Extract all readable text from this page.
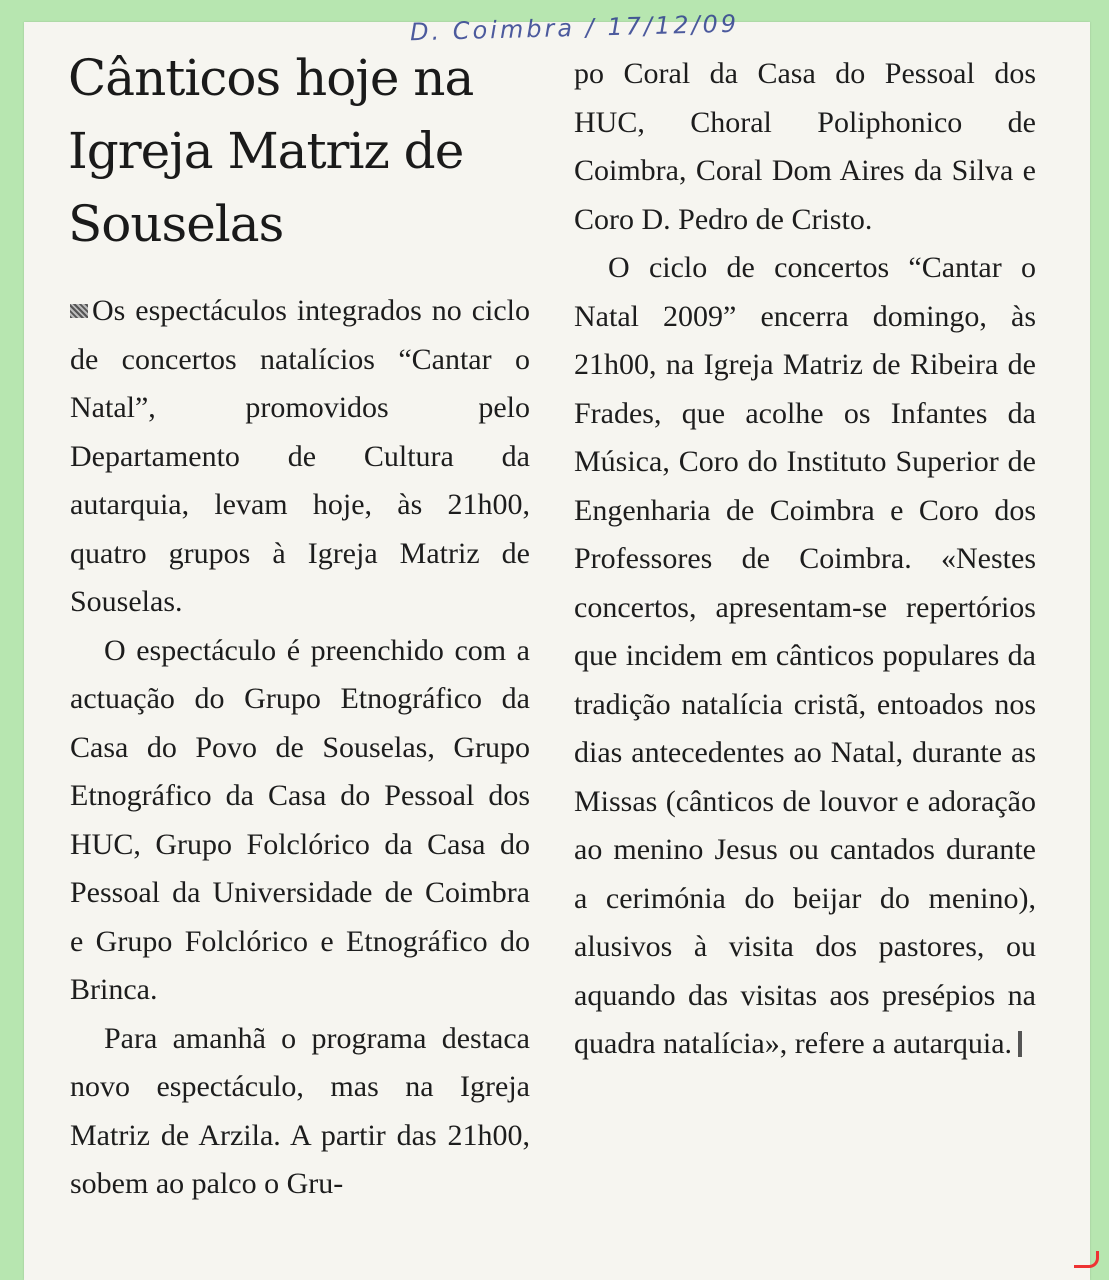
D. Coimbra / 17/12/09
Cânticos hoje na Igreja Matriz de Souselas

Os espectáculos integrados no ciclo de concertos natalícios “Cantar o Natal”, promovidos pelo Departamento de Cultura da autarquia, levam hoje, às 21h00, quatro grupos à Igreja Matriz de Souselas.

O espectáculo é preenchido com a actuação do Grupo Etnográfico da Casa do Povo de Souselas, Grupo Etnográfico da Casa do Pessoal dos HUC, Grupo Folclórico da Casa do Pessoal da Universidade de Coimbra e Grupo Folclórico e Etnográfico do Brinca.

Para amanhã o programa destaca novo espectáculo, mas na Igreja Matriz de Arzila. A partir das 21h00, sobem ao palco o Gru-

po Coral da Casa do Pessoal dos HUC, Choral Poliphonico de Coimbra, Coral Dom Aires da Silva e Coro D. Pedro de Cristo.

O ciclo de concertos “Cantar o Natal 2009” encerra domingo, às 21h00, na Igreja Matriz de Ribeira de Frades, que acolhe os Infantes da Música, Coro do Instituto Superior de Engenharia de Coimbra e Coro dos Professores de Coimbra. «Nestes concertos, apresentam-se repertórios que incidem em cânticos populares da tradição natalícia cristã, entoados nos dias antecedentes ao Natal, durante as Missas (cânticos de louvor e adoração ao menino Jesus ou cantados durante a cerimónia do beijar do menino), alusivos à visita dos pastores, ou aquando das visitas aos presépios na quadra natalícia», refere a autarquia.
